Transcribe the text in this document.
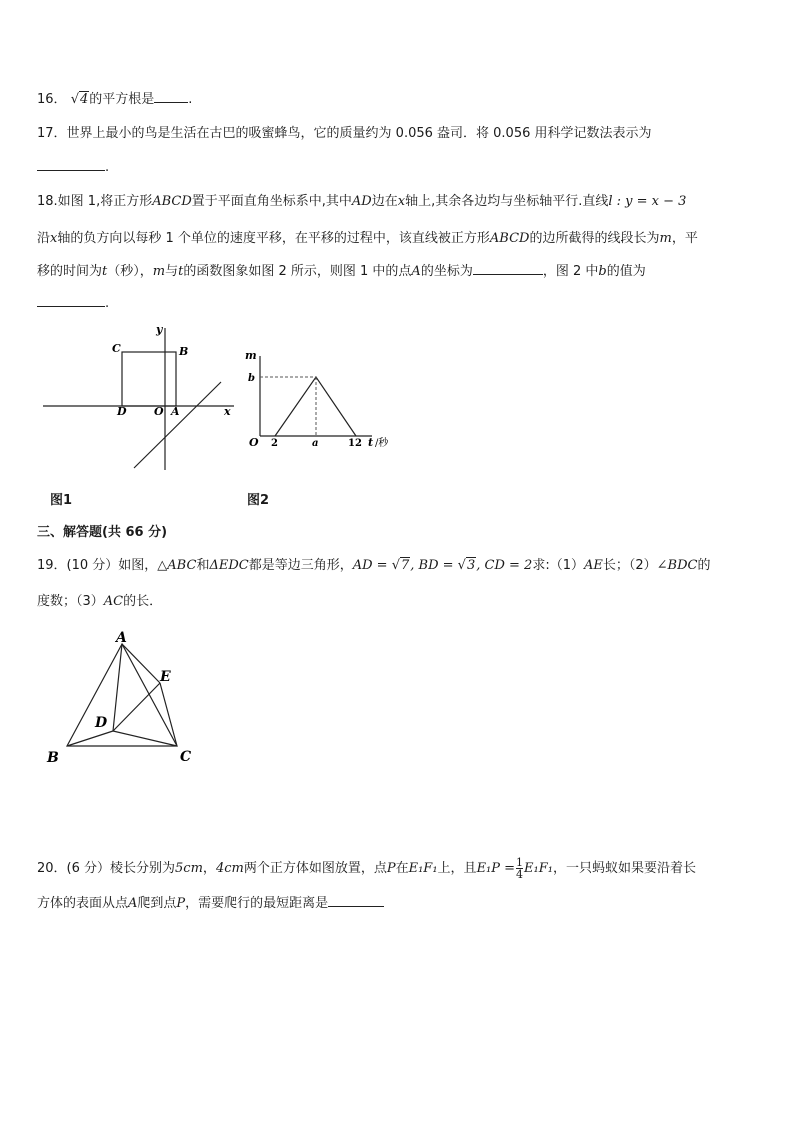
16． √4的平方根是	.
17．世界上最小的鸟是生活在古巴的吸蜜蜂鸟，它的质量约为 0.056 盎司．将 0.056 用科学记数法表示为
.
18.如图 1,将正方形ABCD置于平面直角坐标系中,其中AD边在x轴上,其余各边均与坐标轴平行.直线l : y = x − 3
沿x轴的负方向以每秒 1 个单位的速度平移，在平移的过程中，该直线被正方形ABCD的边所截得的线段长为m，平
移的时间为t（秒），m与t的函数图象如图 2 所示，则图 1 中的点A的坐标为	，图 2 中b的值为
.
C	B
y
D O A	x
图1
m
b
O 2	a	12 t /秒
图2
三、解答题(共 66 分)
19．(10 分）如图，△ABC和ΔEDC都是等边三角形，AD = √7, BD = √3, CD = 2求:（1）AE长；（2）∠BDC的
度数；（3）AC的长．
A
E
D
B	C
20．(6 分）棱长分别为5cm，4cm两个正方体如图放置，点P在E₁F₁上，且$E_1P = \frac{1}{4} E_1F_1$，一只蚂蚁如果要沿着长
方体的表面从点A爬到点P，需要爬行的最短距离是
